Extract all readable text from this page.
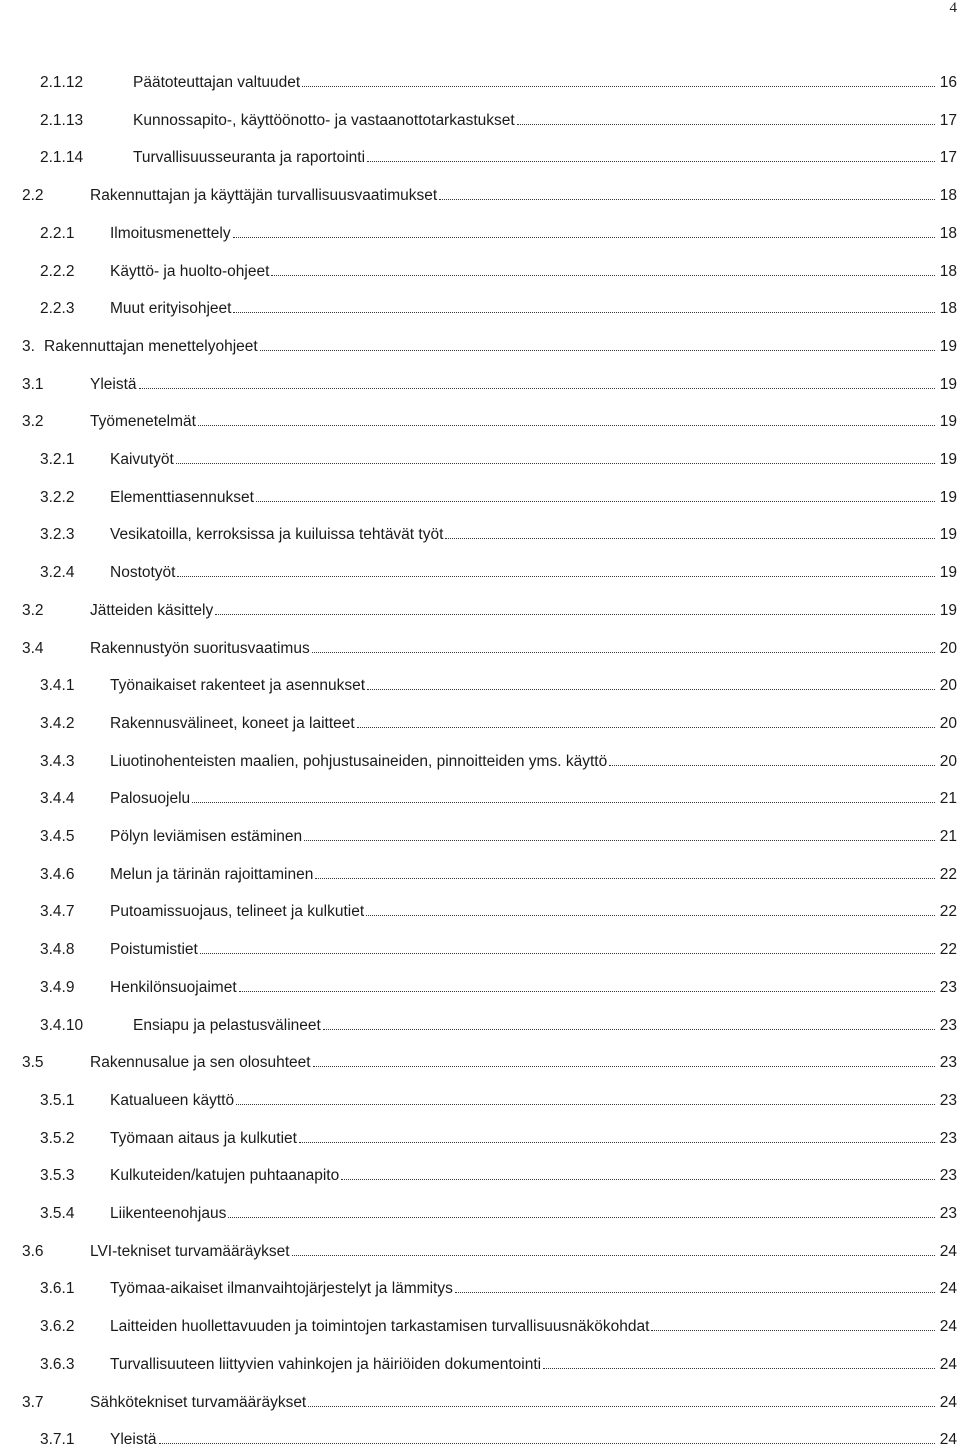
4
2.1.12	Päätoteuttajan valtuudet	16
2.1.13	Kunnossapito-, käyttöönotto- ja vastaanottotarkastukset	17
2.1.14	Turvallisuusseuranta ja raportointi	17
2.2	Rakennuttajan ja käyttäjän turvallisuusvaatimukset	18
2.2.1 Ilmoitusmenettely	18
2.2.2 Käyttö- ja huolto-ohjeet	18
2.2.3 Muut erityisohjeet	18
3. Rakennuttajan menettelyohjeet	19
3.1	Yleistä	19
3.2	Työmenetelmät	19
3.2.1 Kaivutyöt	19
3.2.2 Elementtiasennukset	19
3.2.3 Vesikatoilla, kerroksissa ja kuiluissa tehtävät työt	19
3.2.4 Nostotyöt	19
3.2	Jätteiden käsittely	19
3.4	Rakennustyön suoritusvaatimus	20
3.4.1 Työnaikaiset rakenteet ja asennukset	20
3.4.2 Rakennusvälineet, koneet ja laitteet	20
3.4.3 Liuotinohenteisten maalien, pohjustusaineiden, pinnoitteiden yms. käyttö	20
3.4.4 Palosuojelu	21
3.4.5 Pölyn leviämisen estäminen	21
3.4.6 Melun ja tärinän rajoittaminen	22
3.4.7 Putoamissuojaus, telineet ja kulkutiet	22
3.4.8 Poistumistiet	22
3.4.9 Henkilönsuojaimet	23
3.4.10	Ensiapu ja pelastusvälineet	23
3.5	Rakennusalue ja sen olosuhteet	23
3.5.1 Katualueen käyttö	23
3.5.2 Työmaan aitaus ja kulkutiet	23
3.5.3 Kulkuteiden/katujen puhtaanapito	23
3.5.4 Liikenteenohjaus	23
3.6	LVI-tekniset turvamääräykset	24
3.6.1 Työmaa-aikaiset ilmanvaihtojärjestelyt ja lämmitys	24
3.6.2 Laitteiden huollettavuuden ja toimintojen tarkastamisen turvallisuusnäkökohdat	24
3.6.3 Turvallisuuteen liittyvien vahinkojen ja häiriöiden dokumentointi	24
3.7	Sähkötekniset turvamääräykset	24
3.7.1 Yleistä	24
